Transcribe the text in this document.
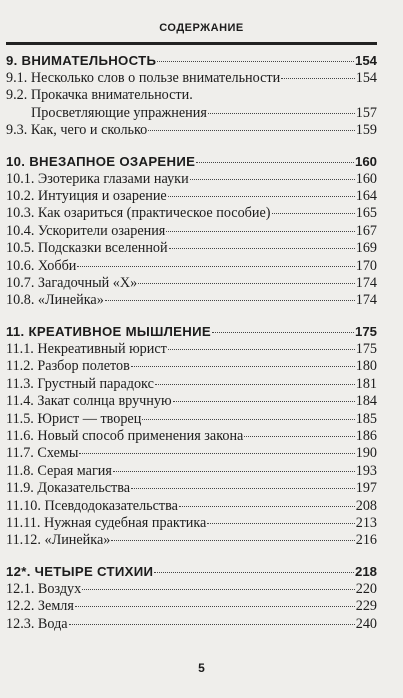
СОДЕРЖАНИЕ
9. ВНИМАТЕЛЬНОСТЬ	154
9.1. Несколько слов о пользе внимательности	154
9.2. Прокачка внимательности.
Просветляющие упражнения	157
9.3. Как, чего и сколько	159
10. ВНЕЗАПНОЕ ОЗАРЕНИЕ	160
10.1. Эзотерика глазами науки	160
10.2. Интуиция и озарение	164
10.3. Как озариться (практическое пособие)	165
10.4. Ускорители озарения	167
10.5. Подсказки вселенной	169
10.6. Хобби	170
10.7. Загадочный «Х»	174
10.8. «Линейка»	174
11. КРЕАТИВНОЕ МЫШЛЕНИЕ	175
11.1. Некреативный юрист	175
11.2. Разбор полетов	180
11.3. Грустный парадокс	181
11.4. Закат солнца вручную	184
11.5. Юрист — творец	185
11.6. Новый способ применения закона	186
11.7. Схемы	190
11.8. Серая магия	193
11.9. Доказательства	197
11.10. Псевдодоказательства	208
11.11. Нужная судебная практика	213
11.12. «Линейка»	216
12*. ЧЕТЫРЕ СТИХИИ	218
12.1. Воздух	220
12.2. Земля	229
12.3. Вода	240
5
